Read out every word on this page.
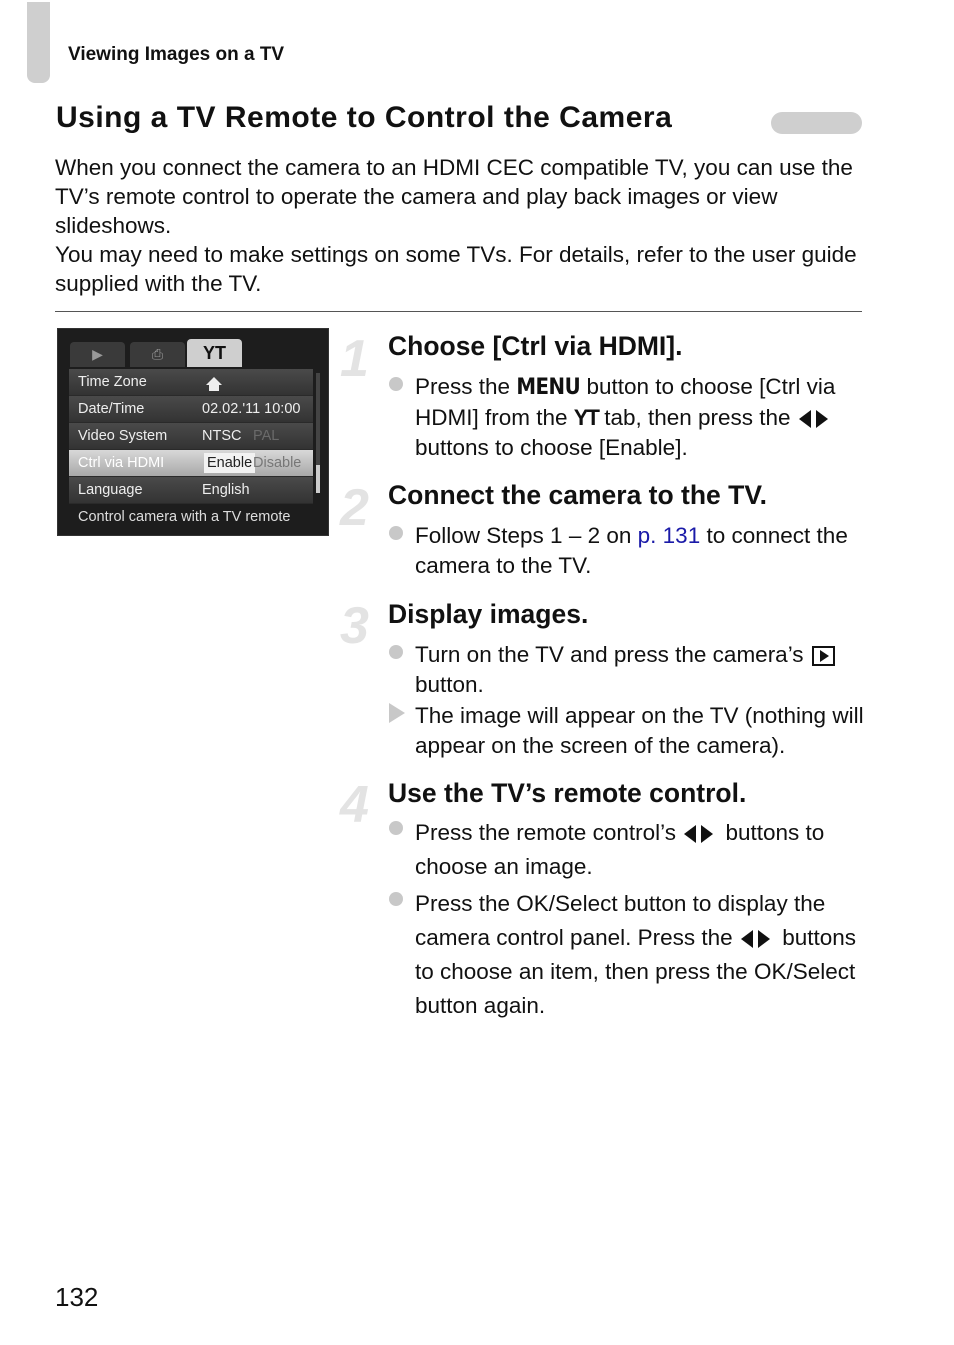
Viewing Images on a TV
Using a TV Remote to Control the Camera

When you connect the camera to an HDMI CEC compatible TV, you can use the TV’s remote control to operate the camera and play back images or view slideshows.

You may need to make settings on some TVs. For details, refer to the user guide supplied with the TV.

▶	⎙	ΥT
Time Zone
Date/Time	02.02.'11 10:00
Video System NTSC PAL
Ctrl via HDMI	Enable Disable
Language	English
Control camera with a TV remote
1 Choose [Ctrl via HDMI].
Press the MENU button to choose [Ctrl via HDMI] from the ΥT tab, then press the
buttons to choose [Enable].
2 Connect the camera to the TV.
Follow Steps 1 – 2 on p. 131 to connect the camera to the TV.
3 Display images.
Turn on the TV and press the camera’s  button.
The image will appear on the TV (nothing will appear on the screen of the camera).
4 Use the TV’s remote control.
Press the remote control’s buttons to choose an image.
Press the OK/Select button to display the camera control panel. Press the buttons to choose an item, then press the OK/Select button again.
132
